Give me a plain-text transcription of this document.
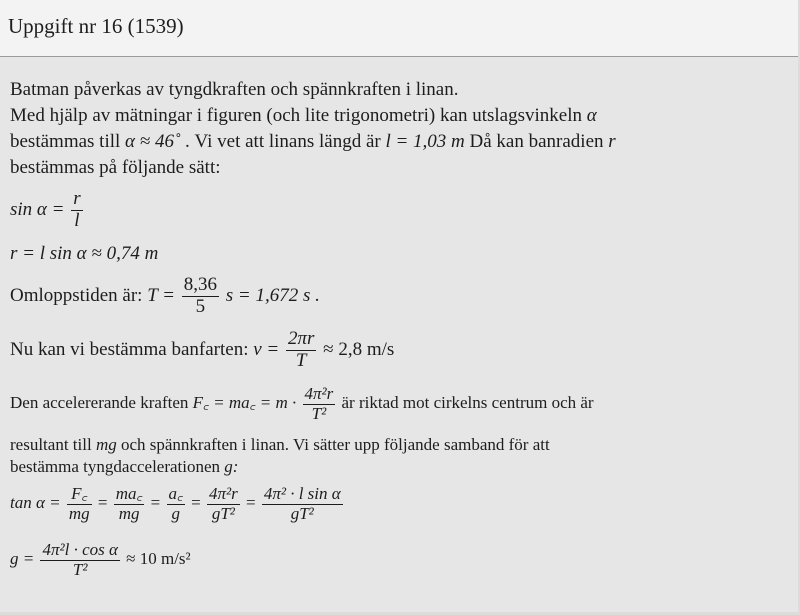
Uppgift nr 16 (1539)
Batman påverkas av tyngdkraften och spännkraften i linan.
Med hjälp av mätningar i figuren (och lite trigonometri) kan utslagsvinkeln α
bestämmas till α ≈ 46˚ . Vi vet att linans längd är l = 1,03 m Då kan banradien r
bestämmas på följande sätt:
$\sin \alpha = \frac{r}{l}$
r = l sin α ≈ 0,74 m
Omloppstiden är: $T = \frac{8,36}{5}$ s = 1,672 s .
Nu kan vi bestämma banfarten: $v = \frac{2\pi r}{T} \approx 2,8$ m/s
Den accelererande kraften F꜀ = ma꜀ = $m \cdot \frac{\text{4π²r}}{\text{T²}}$ är riktad mot cirkelns centrum och är
resultant till mg och spännkraften i linan. Vi sätter upp följande samband för att
bestämma tyngdaccelerationen g:
$\tan \alpha = \frac{F꜀}{mg} = \frac{ma꜀}{mg} = \frac{a꜀}{g} = \frac{\text{4π²r}}{\text{gT²}} = \frac{\text{4π² · l sin α}}{\text{gT²}}$
$g = \frac{\text{4π²l · cos α}}{\text{T²}} \approx 10$ m/s²
